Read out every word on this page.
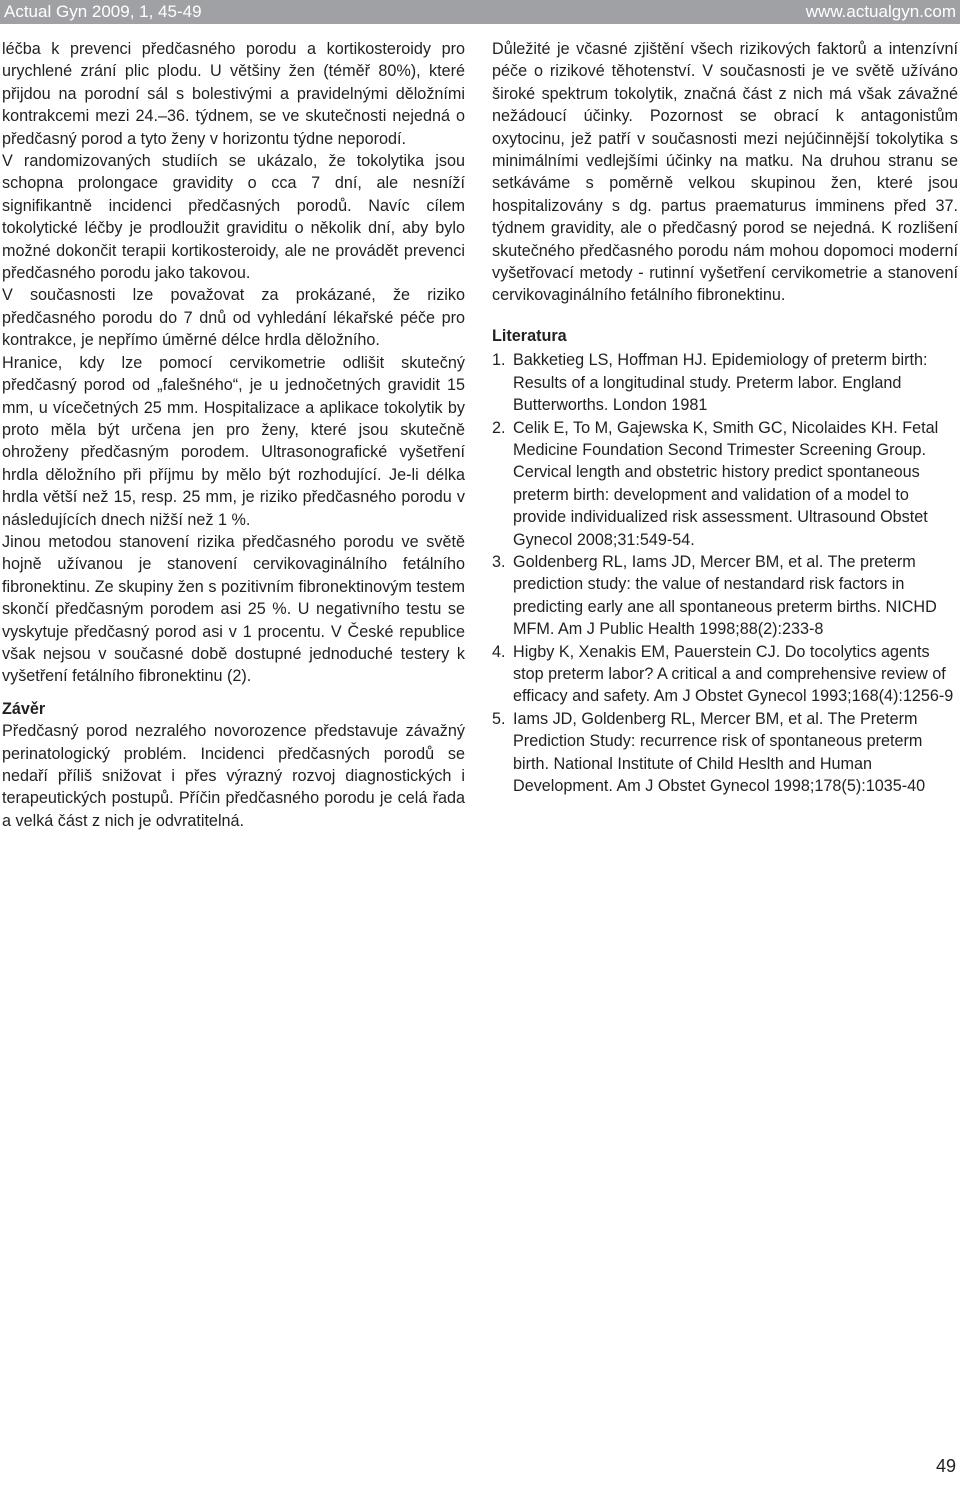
Actual Gyn 2009, 1, 45-49	www.actualgyn.com

léčba k prevenci předčasného porodu a kortikosteroidy pro urychlené zrání plic plodu. U většiny žen (téměř 80%), které přijdou na porodní sál s bolestivými a pravidelnými děložními kontrakcemi mezi 24.–36. týdnem, se ve skutečnosti nejedná o předčasný porod a tyto ženy v horizontu týdne neporodí.

V randomizovaných studiích se ukázalo, že tokolytika jsou schopna prolongace gravidity o cca 7 dní, ale nesníží signifikantně incidenci předčasných porodů. Navíc cílem tokolytické léčby je prodloužit graviditu o několik dní, aby bylo možné dokončit terapii kortikosteroidy, ale ne provádět prevenci předčasného porodu jako takovou.

V současnosti lze považovat za prokázané, že riziko předčasného porodu do 7 dnů od vyhledání lékařské péče pro kontrakce, je nepřímo úměrné délce hrdla děložního.

Hranice, kdy lze pomocí cervikometrie odlišit skutečný předčasný porod od „falešného“, je u jednočetných gravidit 15 mm, u vícečetných 25 mm. Hospitalizace a aplikace tokolytik by proto měla být určena jen pro ženy, které jsou skutečně ohroženy předčasným porodem. Ultrasonografické vyšetření hrdla děložního při příjmu by mělo být rozhodující. Je-li délka hrdla větší než 15, resp. 25 mm, je riziko předčasného porodu v následujících dnech nižší než 1 %.

Jinou metodou stanovení rizika předčasného porodu ve světě hojně užívanou je stanovení cervikovaginálního fetálního fibronektinu. Ze skupiny žen s pozitivním fibronektinovým testem skončí předčasným porodem asi 25 %. U negativního testu se vyskytuje předčasný porod asi v 1 procentu. V České republice však nejsou v současné době dostupné jednoduché testery k vyšetření fetálního fibronektinu (2).

Závěr

Předčasný porod nezralého novorozence představuje závažný perinatologický problém. Incidenci předčasných porodů se nedaří příliš snižovat i přes výrazný rozvoj diagnostických i terapeutických postupů. Příčin předčasného porodu je celá řada a velká část z nich je odvratitelná.

Důležité je včasné zjištění všech rizikových faktorů a intenzívní péče o rizikové těhotenství. V současnosti je ve světě užíváno široké spektrum tokolytik, značná část z nich má však závažné nežádoucí účinky. Pozornost se obrací k antagonistům oxytocinu, jež patří v současnosti mezi nejúčinnější tokolytika s minimálními vedlejšími účinky na matku. Na druhou stranu se setkáváme s poměrně velkou skupinou žen, které jsou hospitalizovány s dg. partus praematurus imminens před 37. týdnem gravidity, ale o předčasný porod se nejedná. K rozlišení skutečného předčasného porodu nám mohou dopomoci moderní vyšetřovací metody - rutinní vyšetření cervikometrie a stanovení cervikovaginálního fetálního fibronektinu.

Literatura
1. Bakketieg LS, Hoffman HJ. Epidemiology of preterm birth: Results of a longitudinal study. Preterm labor. England Butterworths. London 1981
2. Celik E, To M, Gajewska K, Smith GC, Nicolaides KH. Fetal Medicine Foundation Second Trimester Screening Group. Cervical length and obstetric history predict spontaneous preterm birth: development and validation of a model to provide individualized risk assessment. Ultrasound Obstet Gynecol 2008;31:549-54.
3. Goldenberg RL, Iams JD, Mercer BM, et al. The preterm prediction study: the value of nestandard risk factors in predicting early ane all spontaneous preterm births. NICHD MFM. Am J Public Health 1998;88(2):233-8
4. Higby K, Xenakis EM, Pauerstein CJ. Do tocolytics agents stop preterm labor? A critical a and comprehensive review of efficacy and safety. Am J Obstet Gynecol 1993;168(4):1256-9
5. Iams JD, Goldenberg RL, Mercer BM, et al. The Preterm Prediction Study: recurrence risk of spontaneous preterm birth. National Institute of Child Heslth and Human Development. Am J Obstet Gynecol 1998;178(5):1035-40
49
